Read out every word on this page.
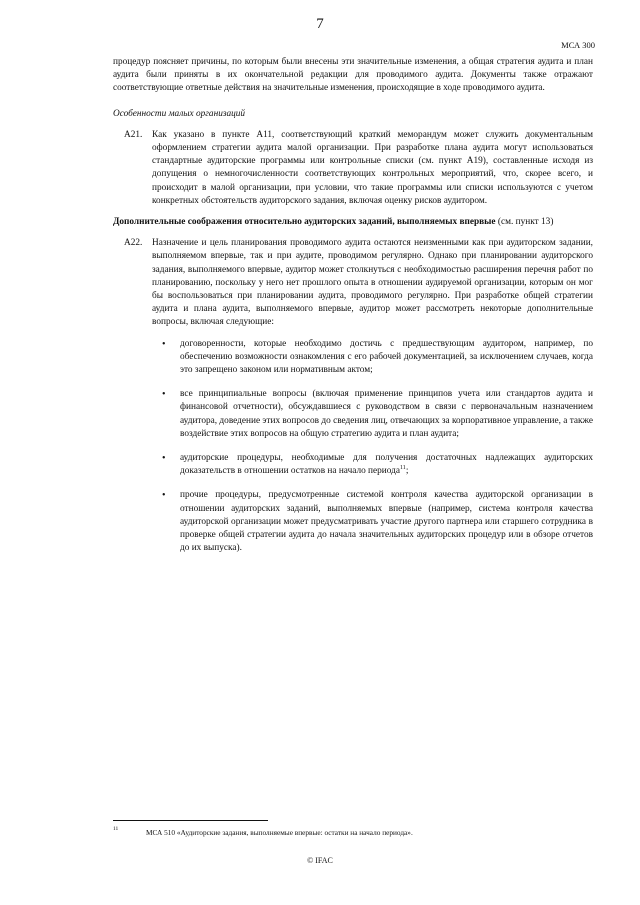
7
МСА 300

процедур поясняет причины, по которым были внесены эти значительные изменения, а общая стратегия аудита и план аудита были приняты в их окончательной редакции для проводимого аудита. Документы также отражают соответствующие ответные действия на значительные изменения, происходящие в ходе проводимого аудита.

Особенности малых организаций
A21. Как указано в пункте A11, соответствующий краткий меморандум может служить документальным оформлением стратегии аудита малой организации. При разработке плана аудита могут использоваться стандартные аудиторские программы или контрольные списки (см. пункт A19), составленные исходя из допущения о немногочисленности соответствующих контрольных мероприятий, что, скорее всего, и происходит в малой организации, при условии, что такие программы или списки используются с учетом конкретных обстоятельств аудиторского задания, включая оценку рисков аудитором.

Дополнительные соображения относительно аудиторских заданий, выполняемых впервые (см. пункт 13)
A22. Назначение и цель планирования проводимого аудита остаются неизменными как при аудиторском задании, выполняемом впервые, так и при аудите, проводимом регулярно. Однако при планировании аудиторского задания, выполняемого впервые, аудитор может столкнуться с необходимостью расширения перечня работ по планированию, поскольку у него нет прошлого опыта в отношении аудируемой организации, которым он мог бы воспользоваться при планировании аудита, проводимого регулярно. При разработке общей стратегии аудита и плана аудита, выполняемого впервые, аудитор может рассмотреть некоторые дополнительные вопросы, включая следующие:

• договоренности, которые необходимо достичь с предшествующим аудитором, например, по обеспечению возможности ознакомления с его рабочей документацией, за исключением случаев, когда это запрещено законом или нормативным актом;
• все принципиальные вопросы (включая применение принципов учета или стандартов аудита и финансовой отчетности), обсуждавшиеся с руководством в связи с первоначальным назначением аудитора, доведение этих вопросов до сведения лиц, отвечающих за корпоративное управление, а также воздействие этих вопросов на общую стратегию аудита и план аудита;
• аудиторские процедуры, необходимые для получения достаточных надлежащих аудиторских доказательств в отношении остатков на начало периода$^{11}$;
• прочие процедуры, предусмотренные системой контроля качества аудиторской организации в отношении аудиторских заданий, выполняемых впервые (например, система контроля качества аудиторской организации может предусматривать участие другого партнера или старшего сотрудника в проверке общей стратегии аудита до начала значительных аудиторских процедур или в обзоре отчетов до их выпуска).
11	МСА 510 «Аудиторские задания, выполняемые впервые: остатки на начало периода».
© IFAC
